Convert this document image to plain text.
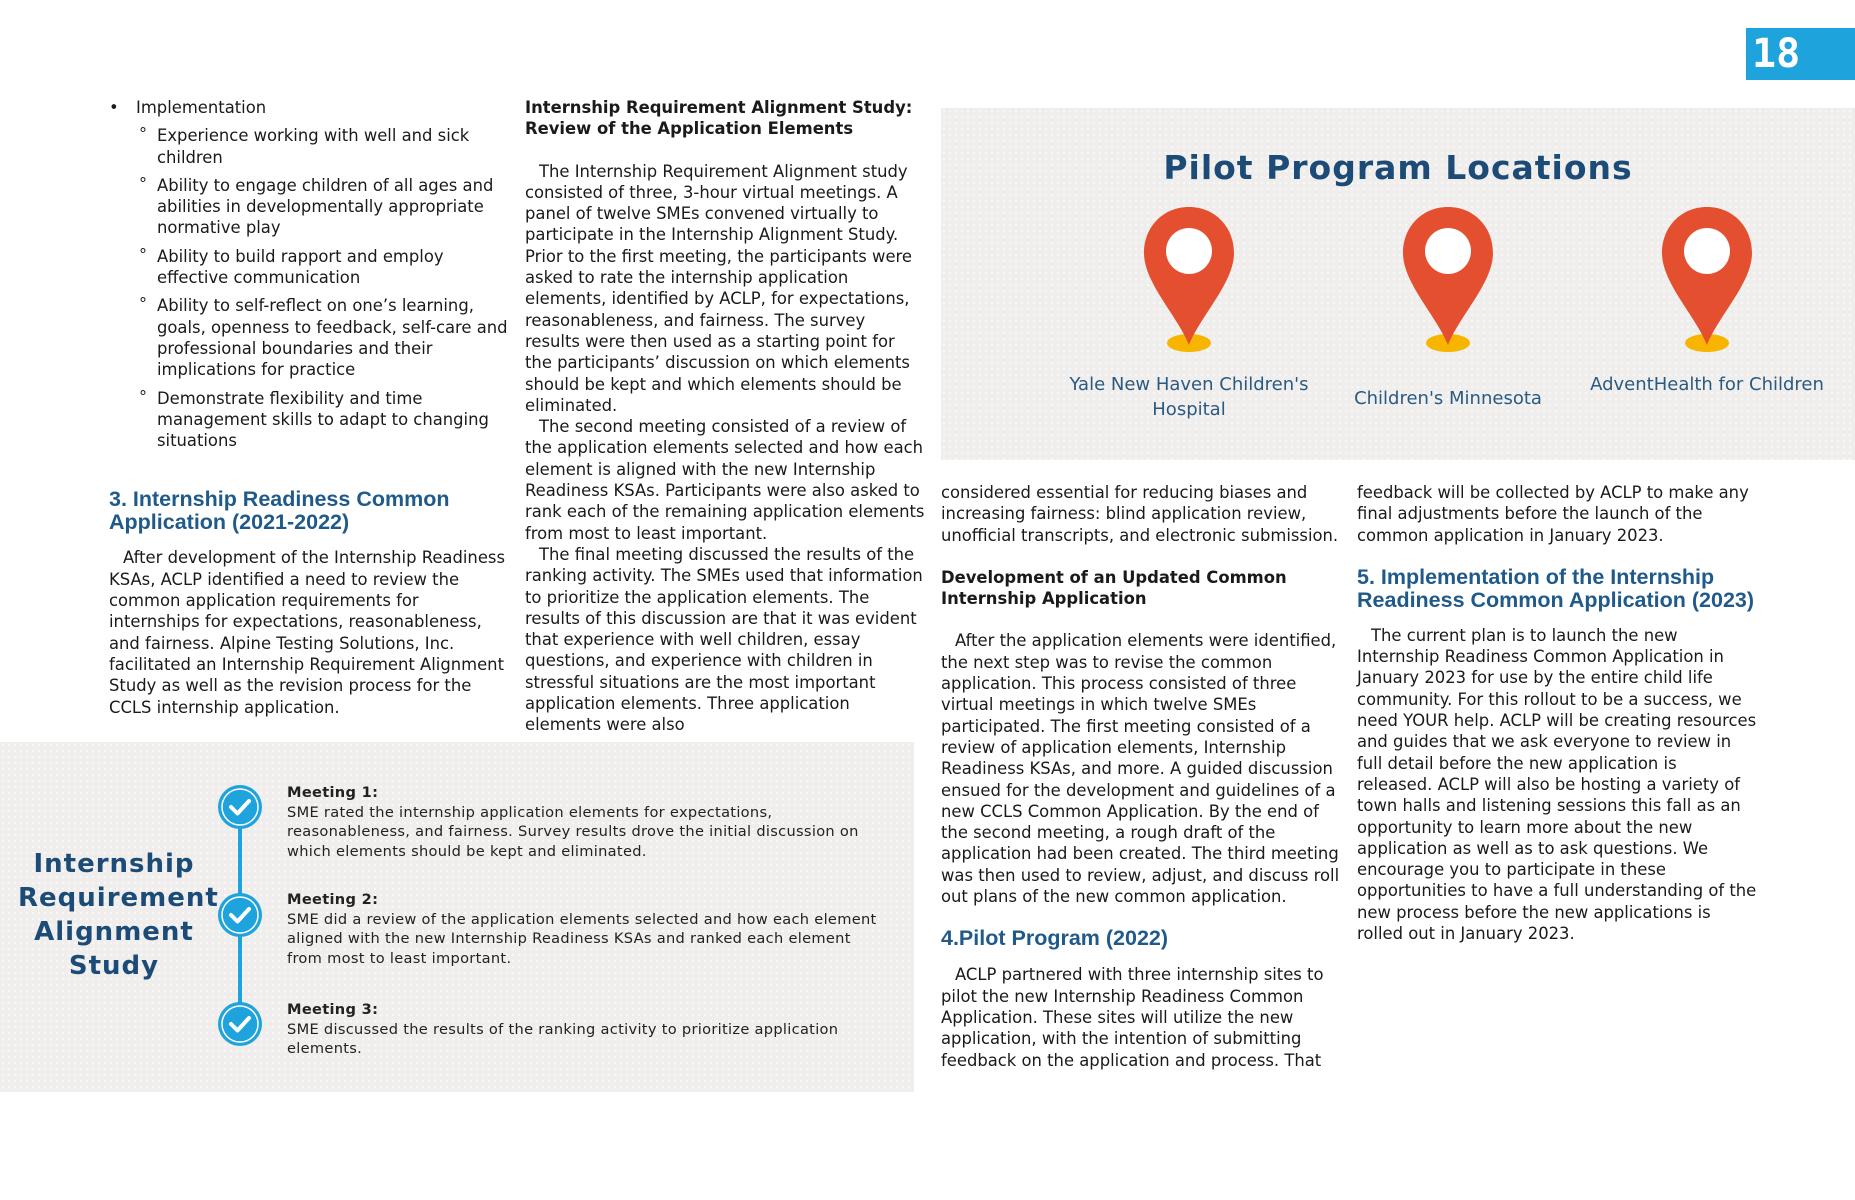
18
• Implementation
° Experience working with well and sick children
° Ability to engage children of all ages and abilities in developmentally appropriate normative play
° Ability to build rapport and employ effective communication
° Ability to self-reflect on one’s learning, goals, openness to feedback, self-care and professional boundaries and their implications for practice
° Demonstrate flexibility and time management skills to adapt to changing situations
3. Internship Readiness Common Application (2021-2022)

After development of the Internship Readiness KSAs, ACLP identified a need to review the common application requirements for internships for expectations, reasonableness, and fairness. Alpine Testing Solutions, Inc. facilitated an Internship Requirement Alignment Study as well as the revision process for the CCLS internship application.

Internship Requirement Alignment Study: Review of the Application Elements

The Internship Requirement Alignment study consisted of three, 3-hour virtual meetings. A panel of twelve SMEs convened virtually to participate in the Internship Alignment Study. Prior to the first meeting, the participants were asked to rate the internship application elements, identified by ACLP, for expectations, reasonableness, and fairness. The survey results were then used as a starting point for the participants’ discussion on which elements should be kept and which elements should be eliminated.

The second meeting consisted of a review of the application elements selected and how each element is aligned with the new Internship Readiness KSAs. Participants were also asked to rank each of the remaining application elements from most to least important.

The final meeting discussed the results of the ranking activity. The SMEs used that information to prioritize the application elements. The results of this discussion are that it was evident that experience with well children, essay questions, and experience with children in stressful situations are the most important application elements. Three application elements were also

Pilot Program Locations
Yale New Haven Children's Hospital
Children's Minnesota
AdventHealth for Children
Internship Requirement Alignment Study
Meeting 1:
SME rated the internship application elements for expectations, reasonableness, and fairness. Survey results drove the initial discussion on which elements should be kept and eliminated.
Meeting 2:
SME did a review of the application elements selected and how each element aligned with the new Internship Readiness KSAs and ranked each element from most to least important.
Meeting 3:
SME discussed the results of the ranking activity to prioritize application elements.

considered essential for reducing biases and increasing fairness: blind application review, unofficial transcripts, and electronic submission.

Development of an Updated Common Internship Application

After the application elements were identified, the next step was to revise the common application. This process consisted of three virtual meetings in which twelve SMEs participated. The first meeting consisted of a review of application elements, Internship Readiness KSAs, and more. A guided discussion ensued for the development and guidelines of a new CCLS Common Application. By the end of the second meeting, a rough draft of the application had been created. The third meeting was then used to review, adjust, and discuss roll out plans of the new common application.

4.Pilot Program (2022)

ACLP partnered with three internship sites to pilot the new Internship Readiness Common Application. These sites will utilize the new application, with the intention of submitting feedback on the application and process. That

feedback will be collected by ACLP to make any final adjustments before the launch of the common application in January 2023.

5. Implementation of the Internship Readiness Common Application (2023)

The current plan is to launch the new Internship Readiness Common Application in January 2023 for use by the entire child life community. For this rollout to be a success, we need YOUR help. ACLP will be creating resources and guides that we ask everyone to review in full detail before the new application is released. ACLP will also be hosting a variety of town halls and listening sessions this fall as an opportunity to learn more about the new application as well as to ask questions. We encourage you to participate in these opportunities to have a full understanding of the new process before the new applications is rolled out in January 2023.
